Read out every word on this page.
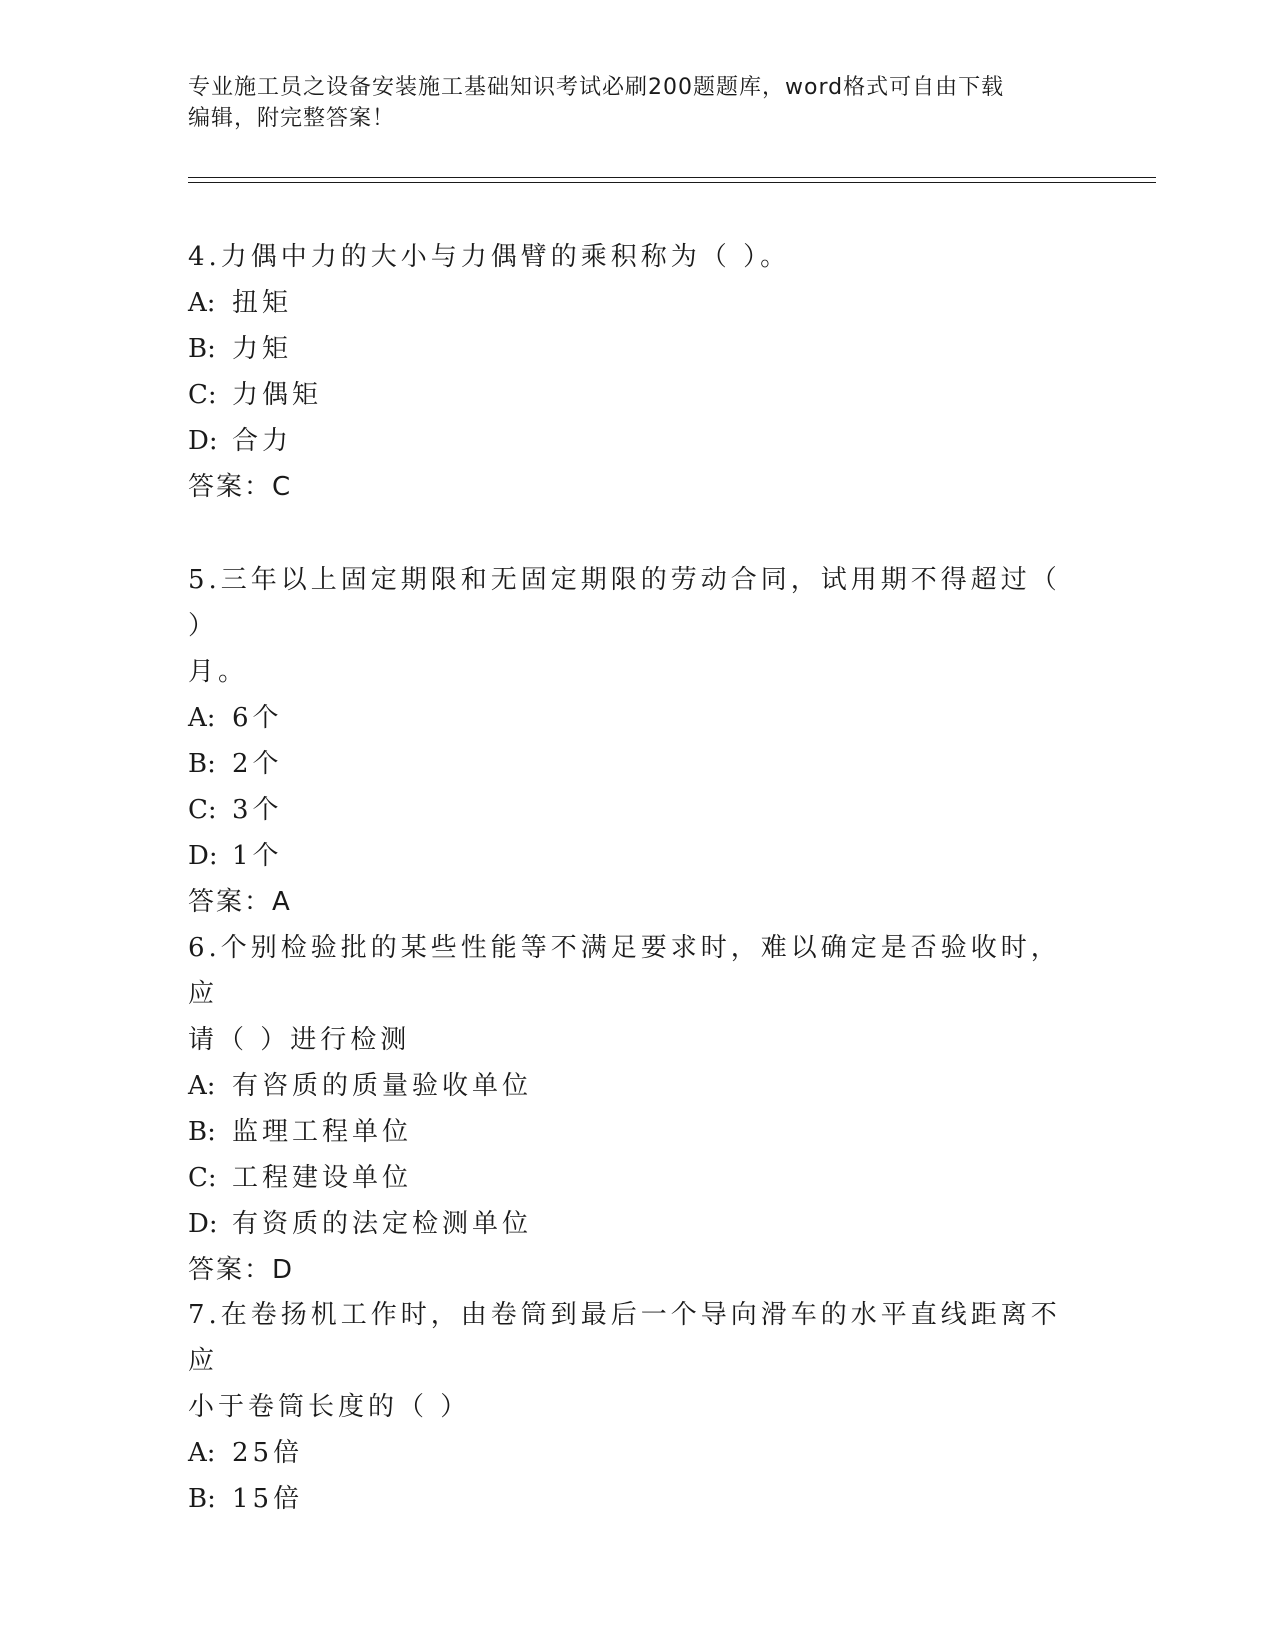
专业施工员之设备安装施工基础知识考试必刷200题题库，word格式可自由下载
编辑，附完整答案！

4.力偶中力的大小与力偶臂的乘积称为（ ）。

A: 扭矩
B: 力矩
C: 力偶矩
D: 合力
答案：C

5.三年以上固定期限和无固定期限的劳动合同，试用期不得超过（ ）

月。

A: 6个
B: 2个
C: 3个
D: 1个
答案：A

6.个别检验批的某些性能等不满足要求时，难以确定是否验收时，应

请（ ）进行检测

A: 有咨质的质量验收单位
B: 监理工程单位
C: 工程建设单位
D: 有资质的法定检测单位
答案：D

7.在卷扬机工作时，由卷筒到最后一个导向滑车的水平直线距离不应

小于卷筒长度的（ ）

A: 25倍
B: 15倍
